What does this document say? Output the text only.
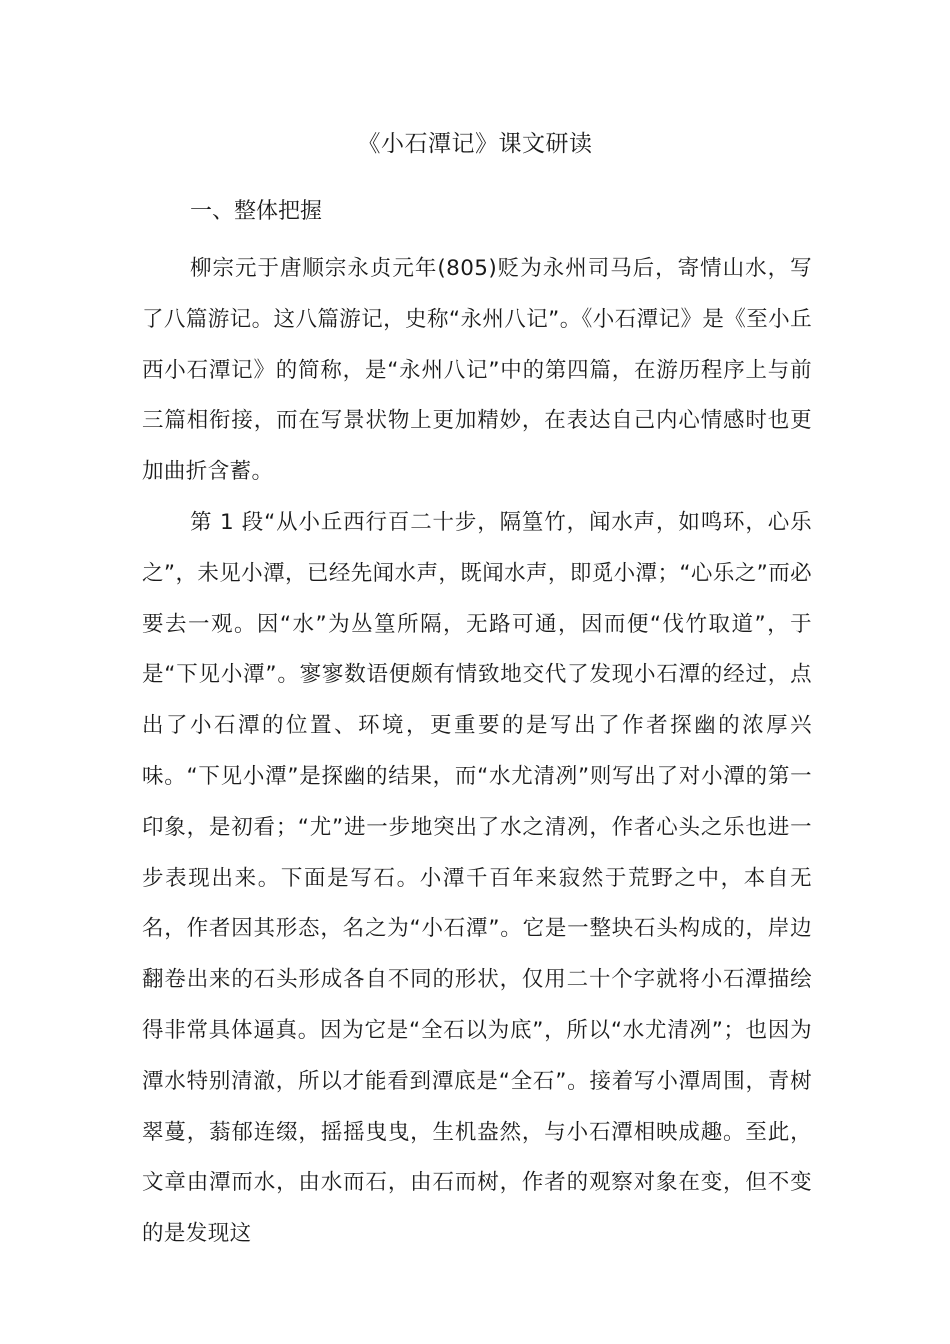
《小石潭记》课文研读
一、整体把握

柳宗元于唐顺宗永贞元年(805)贬为永州司马后，寄情山水，写了八篇游记。这八篇游记，史称“永州八记”。《小石潭记》是《至小丘西小石潭记》的简称，是“永州八记”中的第四篇，在游历程序上与前三篇相衔接，而在写景状物上更加精妙，在表达自己内心情感时也更加曲折含蓄。

第 1 段“从小丘西行百二十步，隔篁竹，闻水声，如鸣环，心乐之”，未见小潭，已经先闻水声，既闻水声，即觅小潭；“心乐之”而必要去一观。因“水”为丛篁所隔，无路可通，因而便“伐竹取道”，于是“下见小潭”。寥寥数语便颇有情致地交代了发现小石潭的经过，点出了小石潭的位置、环境，更重要的是写出了作者探幽的浓厚兴味。“下见小潭”是探幽的结果，而“水尤清冽”则写出了对小潭的第一印象，是初看；“尤”进一步地突出了水之清冽，作者心头之乐也进一步表现出来。下面是写石。小潭千百年来寂然于荒野之中，本自无名，作者因其形态，名之为“小石潭”。它是一整块石头构成的，岸边翻卷出来的石头形成各自不同的形状，仅用二十个字就将小石潭描绘得非常具体逼真。因为它是“全石以为底”，所以“水尤清冽”；也因为潭水特别清澈，所以才能看到潭底是“全石”。接着写小潭周围，青树翠蔓，蓊郁连缀，摇摇曳曳，生机盎然，与小石潭相映成趣。至此，文章由潭而水，由水而石，由石而树，作者的观察对象在变，但不变的是发现这
